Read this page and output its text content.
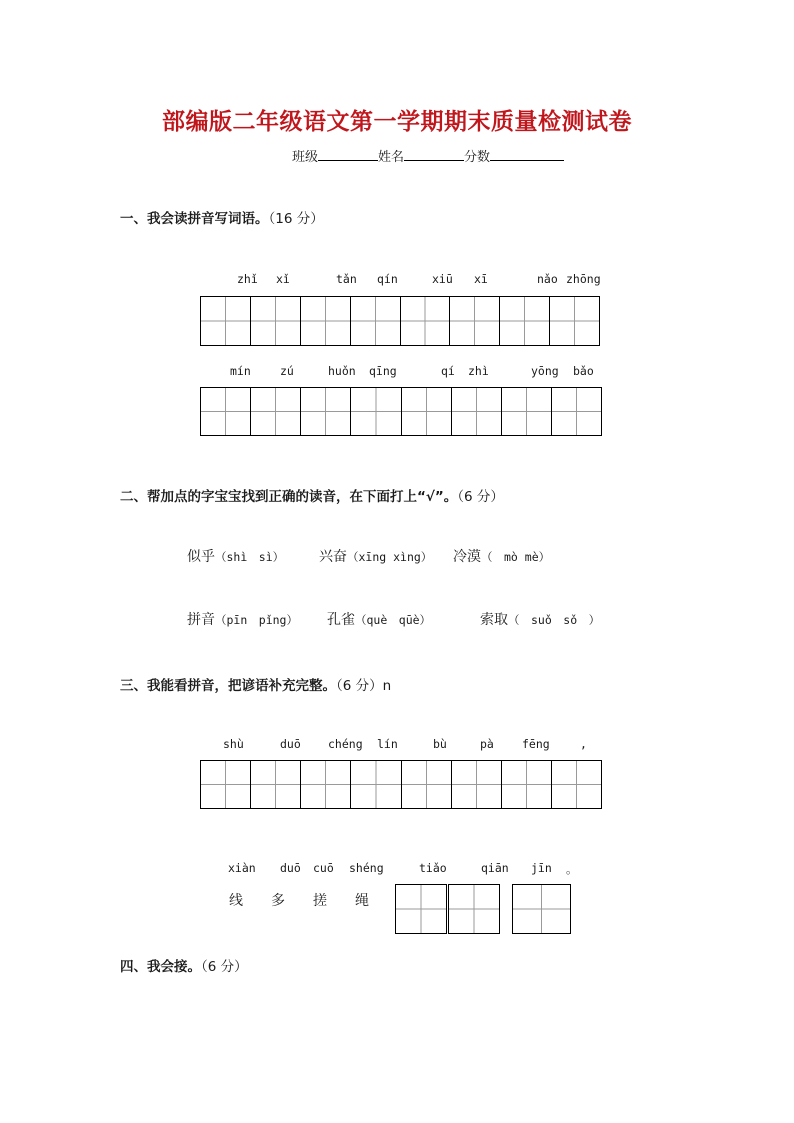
部编版二年级语文第一学期期末质量检测试卷
班级	姓名	分数
一、我会读拼音写词语。（16 分）
zhǐ xǐ	tǎn qín	xiū xī	nǎo zhōng
mín	zú	huǒn qīng	qí zhì	yōng bǎo
二、帮加点的字宝宝找到正确的读音，在下面打上“√”。（6 分）
似乎（shì　sì） 兴奋（xīng xìng） 冷漠（　mò mè）
拼音（pīn　pǐng） 孔雀（què　qūè）	索取（　suǒ　sǒ　）
三、我能看拼音，把谚语补充完整。（6 分）n
shù	duō chéng lín	bù	pà fēng	,
xiàn duō cuō shéng	tiǎo	qiān jīn 。
线 多 搓 绳
四、我会接。（6 分）
